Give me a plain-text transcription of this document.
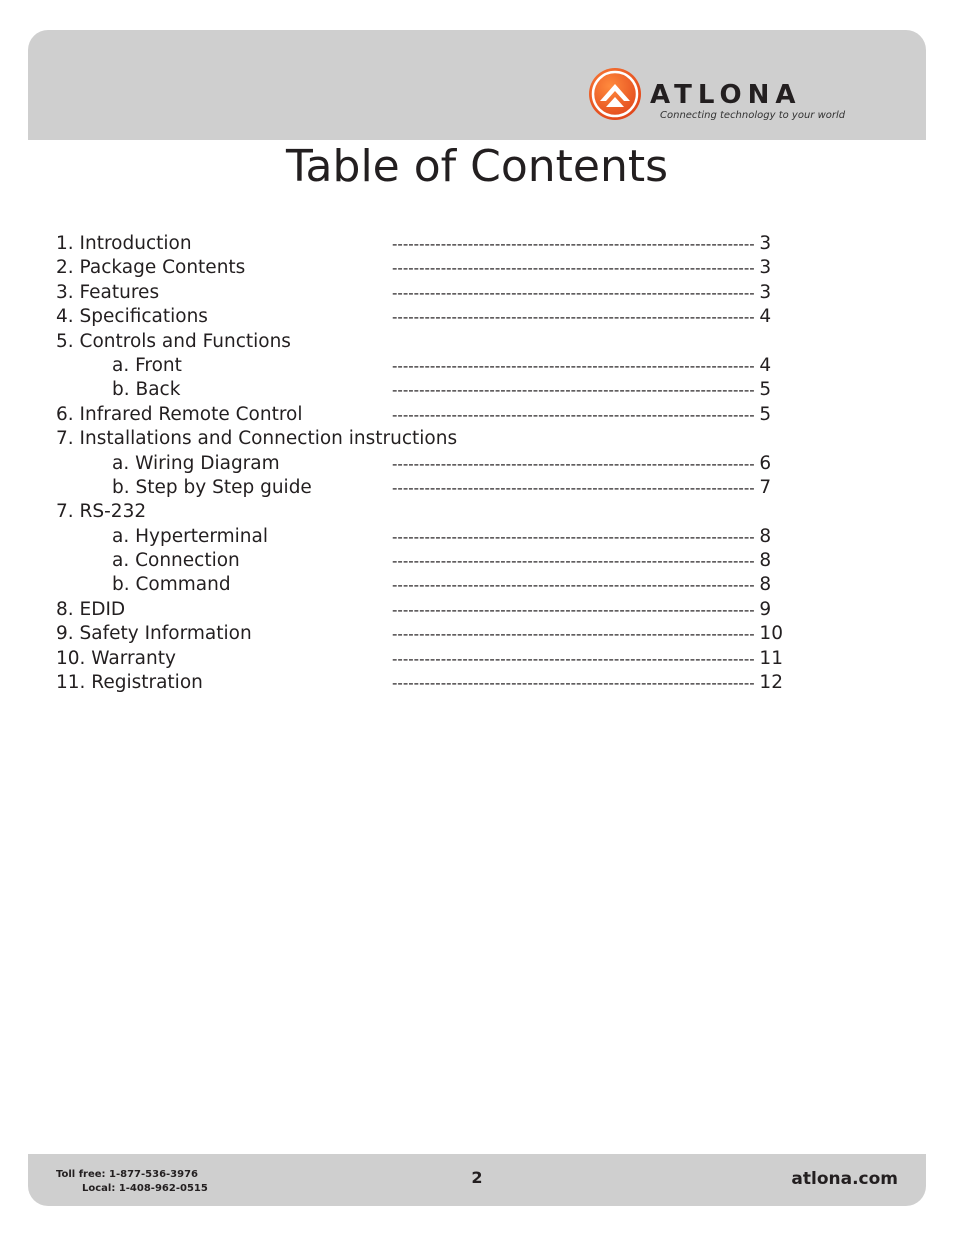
ATLONA
Connecting technology to your world
Table of Contents
1. Introduction	------------------------------------------------------------------- 3
2. Package Contents	------------------------------------------------------------------- 3
3. Features	------------------------------------------------------------------- 3
4. Specifications	------------------------------------------------------------------- 4
5. Controls and Functions
a. Front	------------------------------------------------------------------- 4
b. Back	------------------------------------------------------------------- 5
6. Infrared Remote Control	------------------------------------------------------------------- 5
7. Installations and Connection instructions
a. Wiring Diagram	------------------------------------------------------------------- 6
b. Step by Step guide	------------------------------------------------------------------- 7
7. RS-232
a. Hyperterminal	------------------------------------------------------------------- 8
a. Connection	------------------------------------------------------------------- 8
b. Command	------------------------------------------------------------------- 8
8. EDID	------------------------------------------------------------------- 9
9. Safety Information	------------------------------------------------------------------- 10
10. Warranty	------------------------------------------------------------------- 11
11. Registration	------------------------------------------------------------------- 12
Toll free: 1-877-536-3976
Local: 1-408-962-0515
2	atlona.com
